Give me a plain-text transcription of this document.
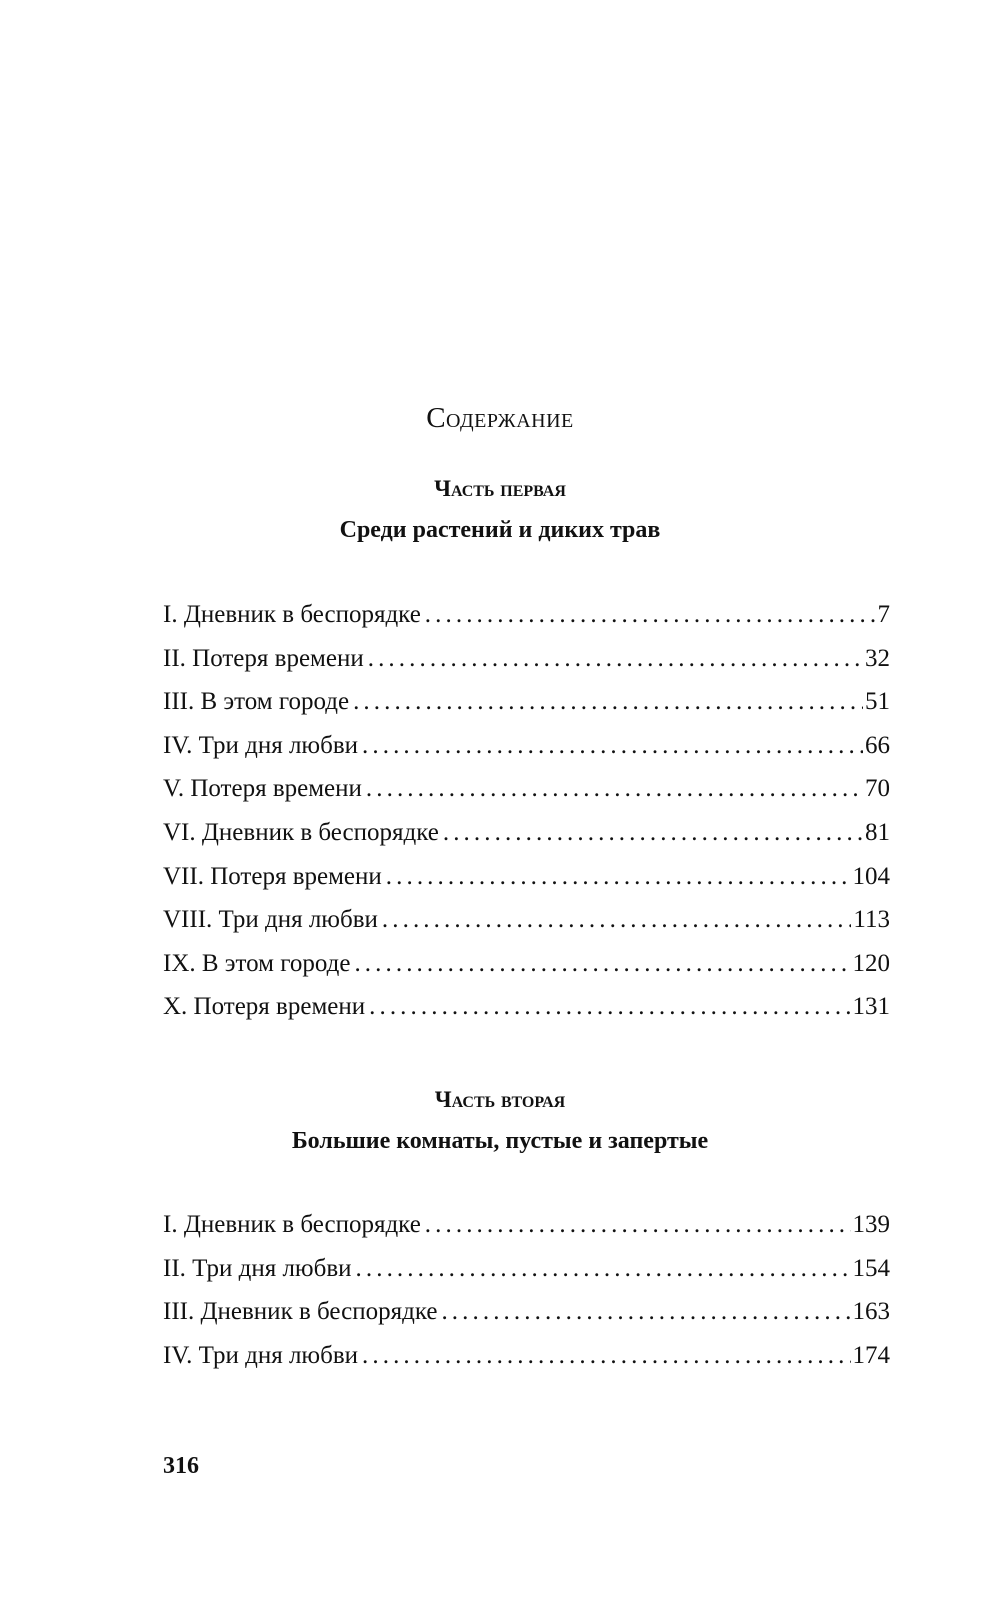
Содержание
Часть первая
Среди растений и диких трав
I. Дневник в беспорядке .....	7
II. Потеря времени .....	32
III. В этом городе .....	51
IV. Три дня любви .....	66
V. Потеря времени .....	70
VI. Дневник в беспорядке .....	81
VII. Потеря времени .....	104
VIII. Три дня любви .....	113
IX. В этом городе .....	120
X. Потеря времени .....	131
Часть вторая
Большие комнаты, пустые и запертые
I. Дневник в беспорядке .....	139
II. Три дня любви .....	154
III. Дневник в беспорядке .....	163
IV. Три дня любви .....	174
316
